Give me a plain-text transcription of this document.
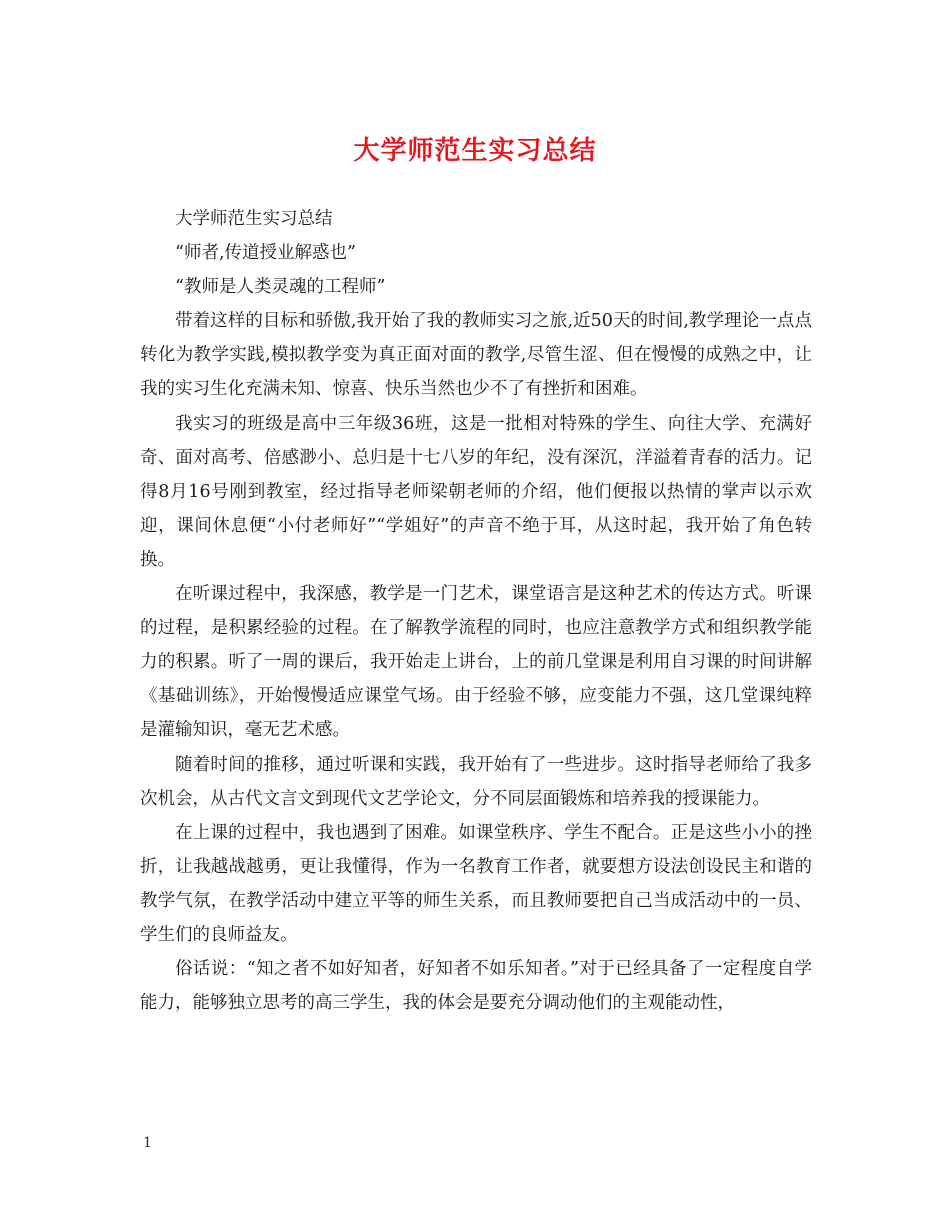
大学师范生实习总结

大学师范生实习总结

“师者,传道授业解惑也”

“教师是人类灵魂的工程师”

带着这样的目标和骄傲,我开始了我的教师实习之旅,近50天的时间,教学理论一点点转化为教学实践,模拟教学变为真正面对面的教学,尽管生涩、但在慢慢的成熟之中，让我的实习生化充满未知、惊喜、快乐当然也少不了有挫折和困难。

我实习的班级是高中三年级36班，这是一批相对特殊的学生、向往大学、充满好奇、面对高考、倍感渺小、总归是十七八岁的年纪，没有深沉，洋溢着青春的活力。记得8月16号刚到教室，经过指导老师梁朝老师的介绍，他们便报以热情的掌声以示欢迎，课间休息便“小付老师好”“学姐好”的声音不绝于耳，从这时起，我开始了角色转换。

在听课过程中，我深感，教学是一门艺术，课堂语言是这种艺术的传达方式。听课的过程，是积累经验的过程。在了解教学流程的同时，也应注意教学方式和组织教学能力的积累。听了一周的课后，我开始走上讲台，上的前几堂课是利用自习课的时间讲解《基础训练》，开始慢慢适应课堂气场。由于经验不够，应变能力不强，这几堂课纯粹是灌输知识，毫无艺术感。

随着时间的推移，通过听课和实践，我开始有了一些进步。这时指导老师给了我多次机会，从古代文言文到现代文艺学论文，分不同层面锻炼和培养我的授课能力。

在上课的过程中，我也遇到了困难。如课堂秩序、学生不配合。正是这些小小的挫折，让我越战越勇，更让我懂得，作为一名教育工作者，就要想方设法创设民主和谐的教学气氛，在教学活动中建立平等的师生关系，而且教师要把自己当成活动中的一员、学生们的良师益友。

俗话说：“知之者不如好知者，好知者不如乐知者。”对于已经具备了一定程度自学能力，能够独立思考的高三学生，我的体会是要充分调动他们的主观能动性，

1
